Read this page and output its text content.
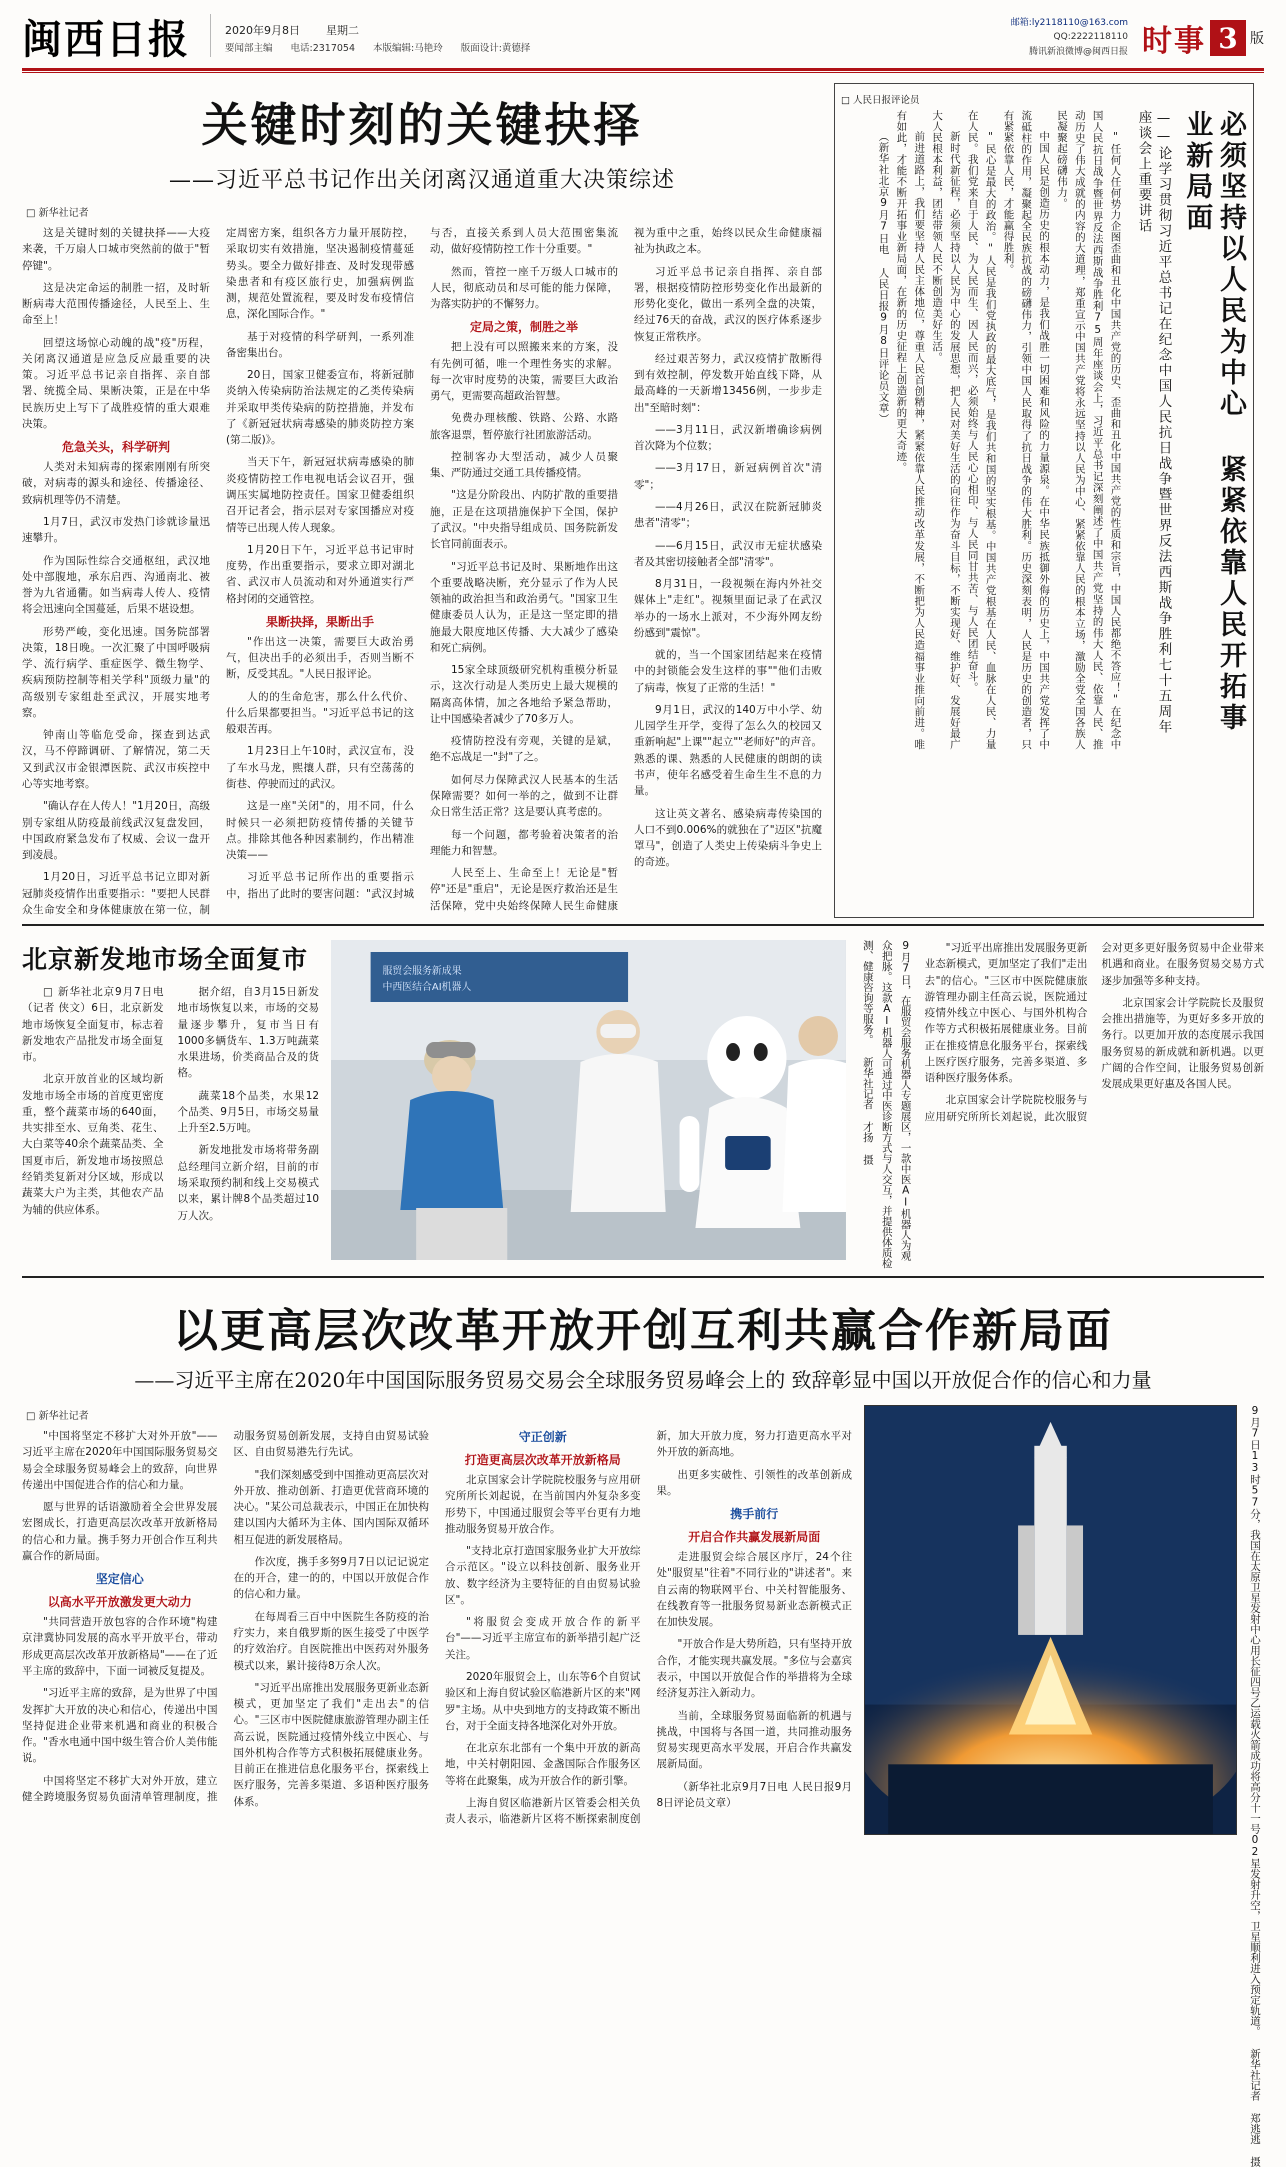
闽西日报	2020年9月8日 星期二
要闻部主编 电话:2317054 本版编辑:马艳玲 版面设计:黄德择
邮箱:ly2118110@163.com
QQ:2222118110
腾讯新浪微博@闽西日报 时事 3 版
关键时刻的关键抉择
——习近平总书记作出关闭离汉通道重大决策综述
□ 新华社记者

这是关键时刻的关键抉择——大疫来袭，千万扇人口城市突然前的做于"暂停键"。

这是决定命运的制胜一招，及时斩断病毒大范围传播途径，人民至上、生命至上！

回望这场惊心动魄的战"疫"历程，关闭离汉通道是应急反应最重要的决策。习近平总书记亲自指挥、亲自部署、统揽全局、果断决策，正是在中华民族历史上写下了战胜疫情的重大艰难决策。

危急关头，科学研判

人类对未知病毒的探索刚刚有所突破，对病毒的源头和途径、传播途径、致病机理等仍不清楚。

1月7日，武汉市发热门诊就诊量迅速攀升。

作为国际性综合交通枢纽，武汉地处中部腹地，承东启西、沟通南北、被誉为九省通衢。如当病毒人传人、疫情将会迅速向全国蔓延，后果不堪设想。

形势严峻，变化迅速。国务院部署决策，18日晚。一次汇聚了中国呼吸病学、流行病学、重症医学、微生物学、疾病预防控制等相关学科"顶级力量"的高级别专家组赴至武汉，开展实地考察。

钟南山等临危受命，探查到达武汉，马不停蹄调研、了解情况，第二天又到武汉市金银潭医院、武汉市疾控中心等实地考察。

"确认存在人传人！"1月20日，高级别专家组从防疫最前线武汉复盘发回，中国政府紧急发布了权威、会议一盘开到凌晨。

1月20日，习近平总书记立即对新冠肺炎疫情作出重要指示："要把人民群众生命安全和身体健康放在第一位，制定周密方案，组织各方力量开展防控，采取切实有效措施，坚决遏制疫情蔓延势头。要全力做好排查、及时发现带感染患者和有疫区旅行史，加强病例监测，规范处置流程，要及时发布疫情信息，深化国际合作。"

基于对疫情的科学研判，一系列准备密集出台。

20日，国家卫健委宣布，将新冠肺炎纳入传染病防治法规定的乙类传染病并采取甲类传染病的防控措施，并发布了《新冠冠状病毒感染的肺炎防控方案(第二版)》。

当天下午，新冠冠状病毒感染的肺炎疫情防控工作电视电话会议召开，强调压实属地防控责任。国家卫健委组织召开记者会，指示层对专家国播应对疫情等已出现人传人现象。

1月20日下午，习近平总书记审时度势，作出重要指示，要求立即对湖北省、武汉市人员流动和对外通道实行严格封闭的交通管控。

果断抉择，果断出手

"作出这一决策，需要巨大政治勇气，但决出手的必须出手，否则当断不断，反受其乱。"人民日报评论。

人的的生命危害，那么什么代价、什么后果都要担当。"习近平总书记的这般艰苦再。

1月23日上午10时，武汉宣布，没了车水马龙，熙攘人群，只有空荡荡的街巷、停驶而过的武汉。

这是一座"关闭"的，用不同，什么时候只一必须把防疫情传播的关键节点。排除其他各种因素制约，作出精准决策——

习近平总书记所作出的重要指示中，指出了此时的要害问题："武汉封城与否，直接关系到人员大范围密集流动，做好疫情防控工作十分重要。"

然而，管控一座千万级人口城市的人民，彻底动员和尽可能的能力保障，为落实防护的不懈努力。

定局之策，制胜之举

把上没有可以照搬来来的方案，没有先例可循，唯一个理性务实的求解。每一次审时度势的决策，需要巨大政治勇气，更需要高超政治智慧。

免费办理核酸、铁路、公路、水路旅客退票，暂停旅行社团旅游活动。

控制客办大型活动，减少人员聚集、严防通过交通工具传播疫情。

"这是分阶段出、内防扩散的重要措施，正是在这项措施保护下全国，保护了武汉。"中央指导组成员、国务院新发长官同前面表示。

"习近平总书记及时、果断地作出这个重要战略决断，充分显示了作为人民领袖的政治担当和政治勇气。"国家卫生健康委员人认为，正是这一坚定即的措施最大限度地区传播、大大减少了感染和死亡病例。

15家全球顶级研究机构重模分析显示，这次行动是人类历史上最大规模的隔离高体情，加之各地给予紧急帮助，让中国感染者减少了70多万人。

疫情防控没有旁观，关键的是斌，绝不忘战足一"封"了之。

如何尽力保障武汉人民基本的生活保障需要？如何一举的之，做到不让群众日常生活正常？这是要认真考虑的。

每一个问题，都考验着决策者的治理能力和智慧。

人民至上、生命至上！无论是"暂停"还是"重启"，无论是医疗救治还是生活保障，党中央始终保障人民生命健康视为重中之重，始终以民众生命健康福祉为执政之本。

习近平总书记亲自指挥、亲自部署，根据疫情防控形势变化作出最新的形势化变化，做出一系列全盘的决策，经过76天的奋战，武汉的医疗体系逐步恢复正常秩序。

经过艰苦努力，武汉疫情扩散断得到有效控制，停发数开始直线下降，从最高峰的一天新增13456例，一步步走出"至暗时刻"：

——3月11日，武汉新增确诊病例首次降为个位数；

——3月17日，新冠病例首次"清零"；

——4月26日，武汉在院新冠肺炎患者"清零"；

——6月15日，武汉市无症状感染者及其密切接触者全部"清零"。

8月31日，一段视频在海内外社交媒体上"走红"。视频里面记录了在武汉举办的一场水上派对，不少海外网友纷纷感到"震惊"。

就的，当一个国家团结起来在疫情中的封锁能会发生这样的事""他们击败了病毒，恢复了正常的生活！"

9月1日，武汉的140万中小学、幼儿园学生开学，变得了怎么久的校园又重新响起"上课""起立""老师好"的声音。熟悉的课、熟悉的人民健康的朗朗的读书声，使年名感受着生命生生不息的力量。

这让英文著名、感染病毒传染国的人口不到0.006%的就独在了"迈区"抗魔罩马"，创造了人类史上传染病斗争史上的奇迹。

□ 人民日报评论员
必须坚持以人民为中心 紧紧依靠人民开拓事业新局面
——论学习贯彻习近平总书记在纪念中国人民抗日战争暨世界反法西斯战争胜利七十五周年座谈会上重要讲话

"任何人任何势力企图歪曲和丑化中国共产党的历史、歪曲和丑化中国共产党的性质和宗旨，中国人民都绝不答应！"在纪念中国人民抗日战争暨世界反法西斯战争胜利75周年座谈会上，习近平总书记深刻阐述了中国共产党坚持的伟大人民、依靠人民、推动历史了伟大成就的内容的大道理，郑重宣示中国共产党将永远坚持以人民为中心、紧紧依靠人民的根本立场，激励全党全国各族人民凝聚起磅礴伟力。

中国人民是创造历史的根本动力，是我们战胜一切困难和风险的力量源泉。在中华民族抵御外侮的历史上，中国共产党发挥了中流砥柱的作用，凝聚起全民族抗战的磅礴伟力，引领中国人民取得了抗日战争的伟大胜利。历史深刻表明，人民是历史的创造者，只有紧紧依靠人民，才能赢得胜利。

"民心是最大的政治。"人民是我们党执政的最大底气，是我们共和国的坚实根基。中国共产党根基在人民、血脉在人民、力量在人民。我们党来自于人民、为人民而生、因人民而兴，必须始终与人民心心相印、与人民同甘共苦、与人民团结奋斗。

新时代新征程，必须坚持以人民为中心的发展思想，把人民对美好生活的向往作为奋斗目标，不断实现好、维护好、发展好最广大人民根本利益，团结带领人民不断创造美好生活。

前进道路上，我们要坚持人民主体地位，尊重人民首创精神，紧紧依靠人民推动改革发展，不断把为人民造福事业推向前进。唯有如此，才能不断开拓事业新局面，在新的历史征程上创造新的更大奇迹。

（新华社北京9月7日电 人民日报9月8日评论员文章）

北京新发地市场全面复市

□ 新华社北京9月7日电（记者 侠文）6日，北京新发地市场恢复全面复市，标志着新发地农产品批发市场全面复市。

北京开放首业的区域均新发地市场全市场的首度更密度重，整个蔬菜市场的640面，共实排至水、豆角类、花生、大白菜等40余个蔬菜品类、全国夏市后，新发地市场按照总经销类复新对分区域，形成以蔬菜大户为主类，其他农产品为辅的供应体系。

据介绍，自3月15日新发地市场恢复以来，市场的交易量逐步攀升，复市当日有1000多辆货车、1.3万吨蔬菜水果进场，价类商品合及的货格。

蔬菜18个品类，水果12个品类、9月5日，市场交易量上升至2.5万吨。

新发地批发市场将带务副总经理闫立新介绍，目前的市场采取预约制和线上交易模式以来，累计牌8个品类超过10万人次。

服贸会服务新成果
中西医结合AI机器人	9月7日，在服贸会服务机器人专题展区，一款中医AI机器人为观众把脉。这款AI机器人可通过中医诊断方式与人交互，并提供体质检测、健康咨询等服务。 新华社记者 才扬 摄	"习近平出席推出发展服务更新业态新模式，更加坚定了我们"走出去"的信心。"三区市中医院健康旅游管理办副主任高云说，医院通过疫情外线立中医心、与国外机构合作等方式积极拓展健康业务。目前正在推疫情息化服务平台，探索线上医疗医疗服务，完善多渠道、多语种医疗服务体系。

北京国家会计学院院校服务与应用研究所所长刘起说，此次服贸会对更多更好服务贸易中企业带来机遇和商业。在服务贸易交易方式逐步加强等多种支持。

北京国家会计学院院长及服贸会推出措施等，为更好多多开放的务行。以更加开放的态度展示我国服务贸易的新成就和新机遇。以更广阔的合作空间，让服务贸易创新发展成果更好惠及各国人民。

以更高层次改革开放开创互利共赢合作新局面
——习近平主席在2020年中国国际服务贸易交易会全球服务贸易峰会上的 致辞彰显中国以开放促合作的信心和力量
□ 新华社记者

"中国将坚定不移扩大对外开放"——习近平主席在2020年中国国际服务贸易交易会全球服务贸易峰会上的致辞，向世界传递出中国促进合作的信心和力量。

愿与世界的话语激励着全会世界发展宏图成长，打造更高层次改革开放新格局的信心和力量。携手努力开创合作互利共赢合作的新局面。

坚定信心
以高水平开放激发更大动力

"共同营造开放包容的合作环境"构建京津冀协同发展的高水平开放平台，带动形成更高层次改革开放新格局"——在了近平主席的致辞中，下面一词被反复提及。

"习近平主席的致辞，是为世界了中国发挥扩大开放的决心和信心，传递出中国坚持促进企业带来机遇和商业的积极合作。"香水电通中国中级生管合价人美伟能说。

中国将坚定不移扩大对外开放，建立健全跨境服务贸易负面清单管理制度，推动服务贸易创新发展，支持自由贸易试验区、自由贸易港先行先试。

"我们深刻感受到中国推动更高层次对外开放、推动创新、打造更优营商环境的决心。"某公司总裁表示，中国正在加快构建以国内大循环为主体、国内国际双循环相互促进的新发展格局。

作次度，携手多努9月7日以记记说定在的开合，建一的的，中国以开放促合作的信心和力量。

在每周看三百中中医院生各防疫的治疗实力，来自俄罗斯的医生接受了中医学的疗效治疗。自医院推出中医药对外服务模式以来，累计接待8万余人次。

"习近平出席推出发展服务更新业态新模式，更加坚定了我们"走出去"的信心。"三区市中医院健康旅游管理办副主任高云说，医院通过疫情外线立中医心、与国外机构合作等方式积极拓展健康业务。目前正在推进信息化服务平台，探索线上医疗服务，完善多渠道、多语种医疗服务体系。

守正创新
打造更高层次改革开放新格局

北京国家会计学院院校服务与应用研究所所长刘起说，在当前国内外复杂多变形势下，中国通过服贸会等平台更有力地推动服务贸易开放合作。

"支持北京打造国家服务业扩大开放综合示范区。"设立以科技创新、服务业开放、数字经济为主要特征的自由贸易试验区"。

"将服贸会变成开放合作的新平台"——习近平主席宣布的新举措引起广泛关注。

2020年服贸会上，山东等6个自贸试验区和上海自贸试验区临港新片区的来"网罗"主场。从中央到地方的支持政策不断出台，对于全面支持各地深化对外开放。

在北京东北部有一个集中开放的新高地，中关村朝阳园、金盏国际合作服务区等将在此聚集，成为开放合作的新引擎。

上海自贸区临港新片区管委会相关负责人表示，临港新片区将不断探索制度创新，加大开放力度，努力打造更高水平对外开放的新高地。

出更多实破性、引领性的改革创新成果。

携手前行
开启合作共赢发展新局面

走进服贸会综合展区序厅，24个往处"服贸星"往着"不同行业的"讲述者"。来自云南的物联网平台、中关村智能服务、在线教育等一批服务贸易新业态新模式正在加快发展。

"开放合作是大势所趋，只有坚持开放合作，才能实现共赢发展。"多位与会嘉宾表示，中国以开放促合作的举措将为全球经济复苏注入新动力。

当前，全球服务贸易面临新的机遇与挑战，中国将与各国一道，共同推动服务贸易实现更高水平发展，开启合作共赢发展新局面。

（新华社北京9月7日电 人民日报9月8日评论员文章）	9月7日13时57分，我国在太原卫星发射中心用长征四号乙运载火箭成功将高分十一号02星发射升空，卫星顺利进入预定轨道。 新华社记者 郑逃逃 摄
